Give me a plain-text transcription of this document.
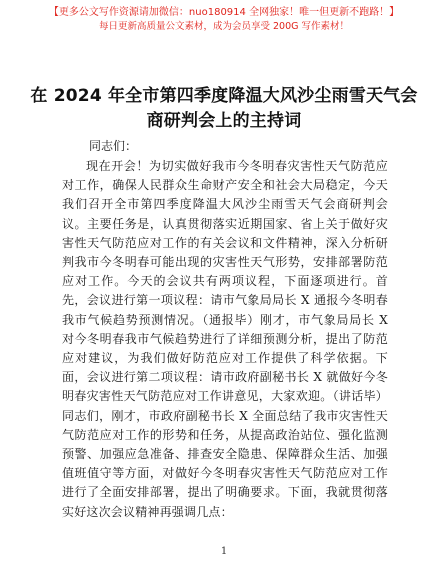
【更多公文写作资源请加微信：nuo180914 全网独家！唯一但更新不跑路！】
每日更新高质量公文素材，成为会员享受 200G 写作素材！
在 2024 年全市第四季度降温大风沙尘雨雪天气会商研判会上的主持词
同志们：
现在开会！为切实做好我市今冬明春灾害性天气防范应对工作，确保人民群众生命财产安全和社会大局稳定，今天我们召开全市第四季度降温大风沙尘雨雪天气会商研判会议。主要任务是，认真贯彻落实近期国家、省上关于做好灾害性天气防范应对工作的有关会议和文件精神，深入分析研判我市今冬明春可能出现的灾害性天气形势，安排部署防范应对工作。今天的会议共有两项议程，下面逐项进行。首先，会议进行第一项议程：请市气象局局长 X 通报今冬明春我市气候趋势预测情况。（通报毕）刚才，市气象局局长 X 对今冬明春我市气候趋势进行了详细预测分析，提出了防范应对建议，为我们做好防范应对工作提供了科学依据。下面，会议进行第二项议程：请市政府副秘书长 X 就做好今冬明春灾害性天气防范应对工作讲意见，大家欢迎。（讲话毕）同志们，刚才，市政府副秘书长 X 全面总结了我市灾害性天气防范应对工作的形势和任务，从提高政治站位、强化监测预警、加强应急准备、排查安全隐患、保障群众生活、加强值班值守等方面，对做好今冬明春灾害性天气防范应对工作进行了全面安排部署，提出了明确要求。下面，我就贯彻落实好这次会议精神再强调几点：
1
